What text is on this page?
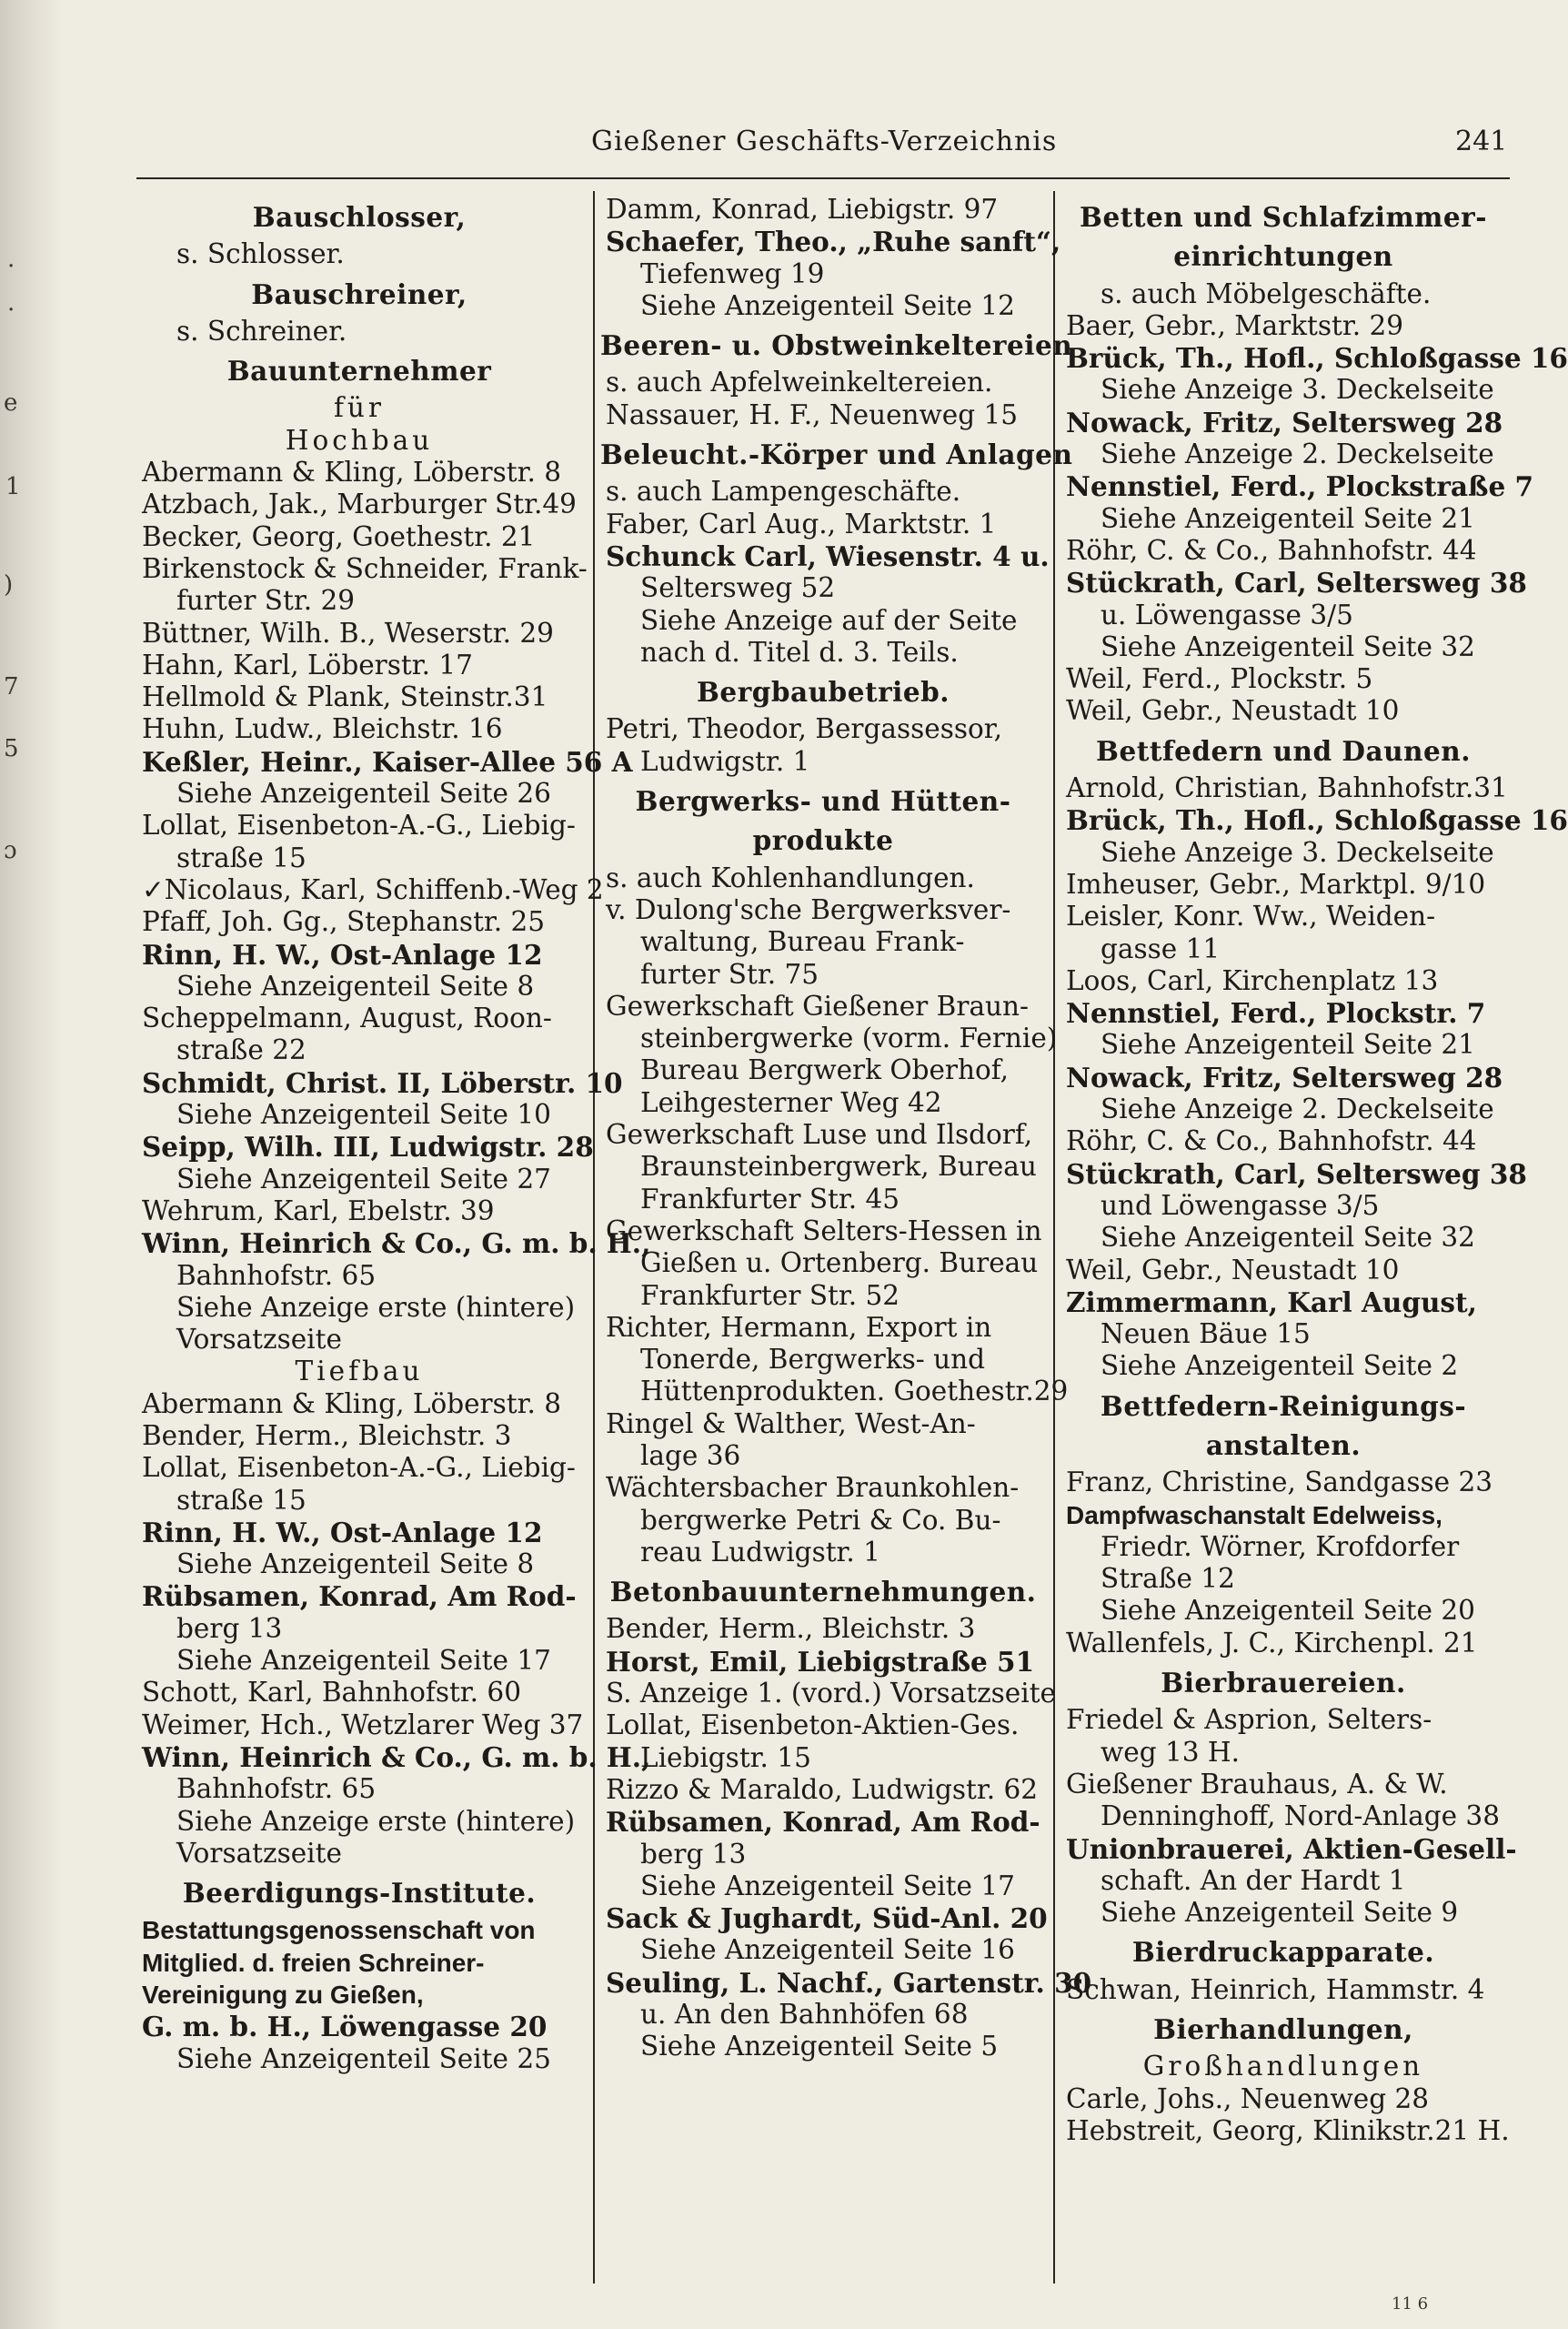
.
.
e
1
)
7
5
ɔ
Gießener Geschäfts-Verzeichnis	241
Bauschlosser,
s. Schlosser.
Bauschreiner,
s. Schreiner.
Bauunternehmer
für
Hochbau
Abermann & Kling, Löberstr. 8
Atzbach, Jak., Marburger Str.49
Becker, Georg, Goethestr. 21
Birkenstock & Schneider, Frank-
furter Str. 29
Büttner, Wilh. B., Weserstr. 29
Hahn, Karl, Löberstr. 17
Hellmold & Plank, Steinstr.31
Huhn, Ludw., Bleichstr. 16
Keßler, Heinr., Kaiser-Allee 56 A
Siehe Anzeigenteil Seite 26
Lollat, Eisenbeton-A.-G., Liebig-
straße 15
✓Nicolaus, Karl, Schiffenb.-Weg 2
Pfaff, Joh. Gg., Stephanstr. 25
Rinn, H. W., Ost-Anlage 12
Siehe Anzeigenteil Seite 8
Scheppelmann, August, Roon-
straße 22
Schmidt, Christ. II, Löberstr. 10
Siehe Anzeigenteil Seite 10
Seipp, Wilh. III, Ludwigstr. 28
Siehe Anzeigenteil Seite 27
Wehrum, Karl, Ebelstr. 39
Winn, Heinrich & Co., G. m. b. H.,
Bahnhofstr. 65
Siehe Anzeige erste (hintere)
Vorsatzseite
Tiefbau
Abermann & Kling, Löberstr. 8
Bender, Herm., Bleichstr. 3
Lollat, Eisenbeton-A.-G., Liebig-
straße 15
Rinn, H. W., Ost-Anlage 12
Siehe Anzeigenteil Seite 8
Rübsamen, Konrad, Am Rod-
berg 13
Siehe Anzeigenteil Seite 17
Schott, Karl, Bahnhofstr. 60
Weimer, Hch., Wetzlarer Weg 37
Winn, Heinrich & Co., G. m. b. H.,
Bahnhofstr. 65
Siehe Anzeige erste (hintere)
Vorsatzseite
Beerdigungs-Institute.
Bestattungsgenossenschaft von
Mitglied. d. freien Schreiner-
Vereinigung zu Gießen,
G. m. b. H., Löwengasse 20
Siehe Anzeigenteil Seite 25
Damm, Konrad, Liebigstr. 97
Schaefer, Theo., „Ruhe sanft“,
Tiefenweg 19
Siehe Anzeigenteil Seite 12
Beeren- u. Obstweinkeltereien
s. auch Apfelweinkeltereien.
Nassauer, H. F., Neuenweg 15
Beleucht.-Körper und Anlagen
s. auch Lampengeschäfte.
Faber, Carl Aug., Marktstr. 1
Schunck Carl, Wiesenstr. 4 u.
Seltersweg 52
Siehe Anzeige auf der Seite
nach d. Titel d. 3. Teils.
Bergbaubetrieb.
Petri, Theodor, Bergassessor,
Ludwigstr. 1
Bergwerks- und Hütten-
produkte
s. auch Kohlenhandlungen.
v. Dulong'sche Bergwerksver-
waltung, Bureau Frank-
furter Str. 75
Gewerkschaft Gießener Braun-
steinbergwerke (vorm. Fernie)
Bureau Bergwerk Oberhof,
Leihgesterner Weg 42
Gewerkschaft Luse und Ilsdorf,
Braunsteinbergwerk, Bureau
Frankfurter Str. 45
Gewerkschaft Selters-Hessen in
Gießen u. Ortenberg. Bureau
Frankfurter Str. 52
Richter, Hermann, Export in
Tonerde, Bergwerks- und
Hüttenprodukten. Goethestr.29
Ringel & Walther, West-An-
lage 36
Wächtersbacher Braunkohlen-
bergwerke Petri & Co. Bu-
reau Ludwigstr. 1
Betonbauunternehmungen.
Bender, Herm., Bleichstr. 3
Horst, Emil, Liebigstraße 51
S. Anzeige 1. (vord.) Vorsatzseite
Lollat, Eisenbeton-Aktien-Ges.
Liebigstr. 15
Rizzo & Maraldo, Ludwigstr. 62
Rübsamen, Konrad, Am Rod-
berg 13
Siehe Anzeigenteil Seite 17
Sack & Jughardt, Süd-Anl. 20
Siehe Anzeigenteil Seite 16
Seuling, L. Nachf., Gartenstr. 30
u. An den Bahnhöfen 68
Siehe Anzeigenteil Seite 5
Betten und Schlafzimmer-
einrichtungen
s. auch Möbelgeschäfte.
Baer, Gebr., Marktstr. 29
Brück, Th., Hofl., Schloßgasse 16
Siehe Anzeige 3. Deckelseite
Nowack, Fritz, Seltersweg 28
Siehe Anzeige 2. Deckelseite
Nennstiel, Ferd., Plockstraße 7
Siehe Anzeigenteil Seite 21
Röhr, C. & Co., Bahnhofstr. 44
Stückrath, Carl, Seltersweg 38
u. Löwengasse 3/5
Siehe Anzeigenteil Seite 32
Weil, Ferd., Plockstr. 5
Weil, Gebr., Neustadt 10
Bettfedern und Daunen.
Arnold, Christian, Bahnhofstr.31
Brück, Th., Hofl., Schloßgasse 16
Siehe Anzeige 3. Deckelseite
Imheuser, Gebr., Marktpl. 9/10
Leisler, Konr. Ww., Weiden-
gasse 11
Loos, Carl, Kirchenplatz 13
Nennstiel, Ferd., Plockstr. 7
Siehe Anzeigenteil Seite 21
Nowack, Fritz, Seltersweg 28
Siehe Anzeige 2. Deckelseite
Röhr, C. & Co., Bahnhofstr. 44
Stückrath, Carl, Seltersweg 38
und Löwengasse 3/5
Siehe Anzeigenteil Seite 32
Weil, Gebr., Neustadt 10
Zimmermann, Karl August,
Neuen Bäue 15
Siehe Anzeigenteil Seite 2
Bettfedern-Reinigungs-
anstalten.
Franz, Christine, Sandgasse 23
Dampfwaschanstalt Edelweiss,
Friedr. Wörner, Krofdorfer
Straße 12
Siehe Anzeigenteil Seite 20
Wallenfels, J. C., Kirchenpl. 21
Bierbrauereien.
Friedel & Asprion, Selters-
weg 13 H.
Gießener Brauhaus, A. & W.
Denninghoff, Nord-Anlage 38
Unionbrauerei, Aktien-Gesell-
schaft. An der Hardt 1
Siehe Anzeigenteil Seite 9
Bierdruckapparate.
Schwan, Heinrich, Hammstr. 4
Bierhandlungen,
Großhandlungen
Carle, Johs., Neuenweg 28
Hebstreit, Georg, Klinikstr.21 H.
11 6
